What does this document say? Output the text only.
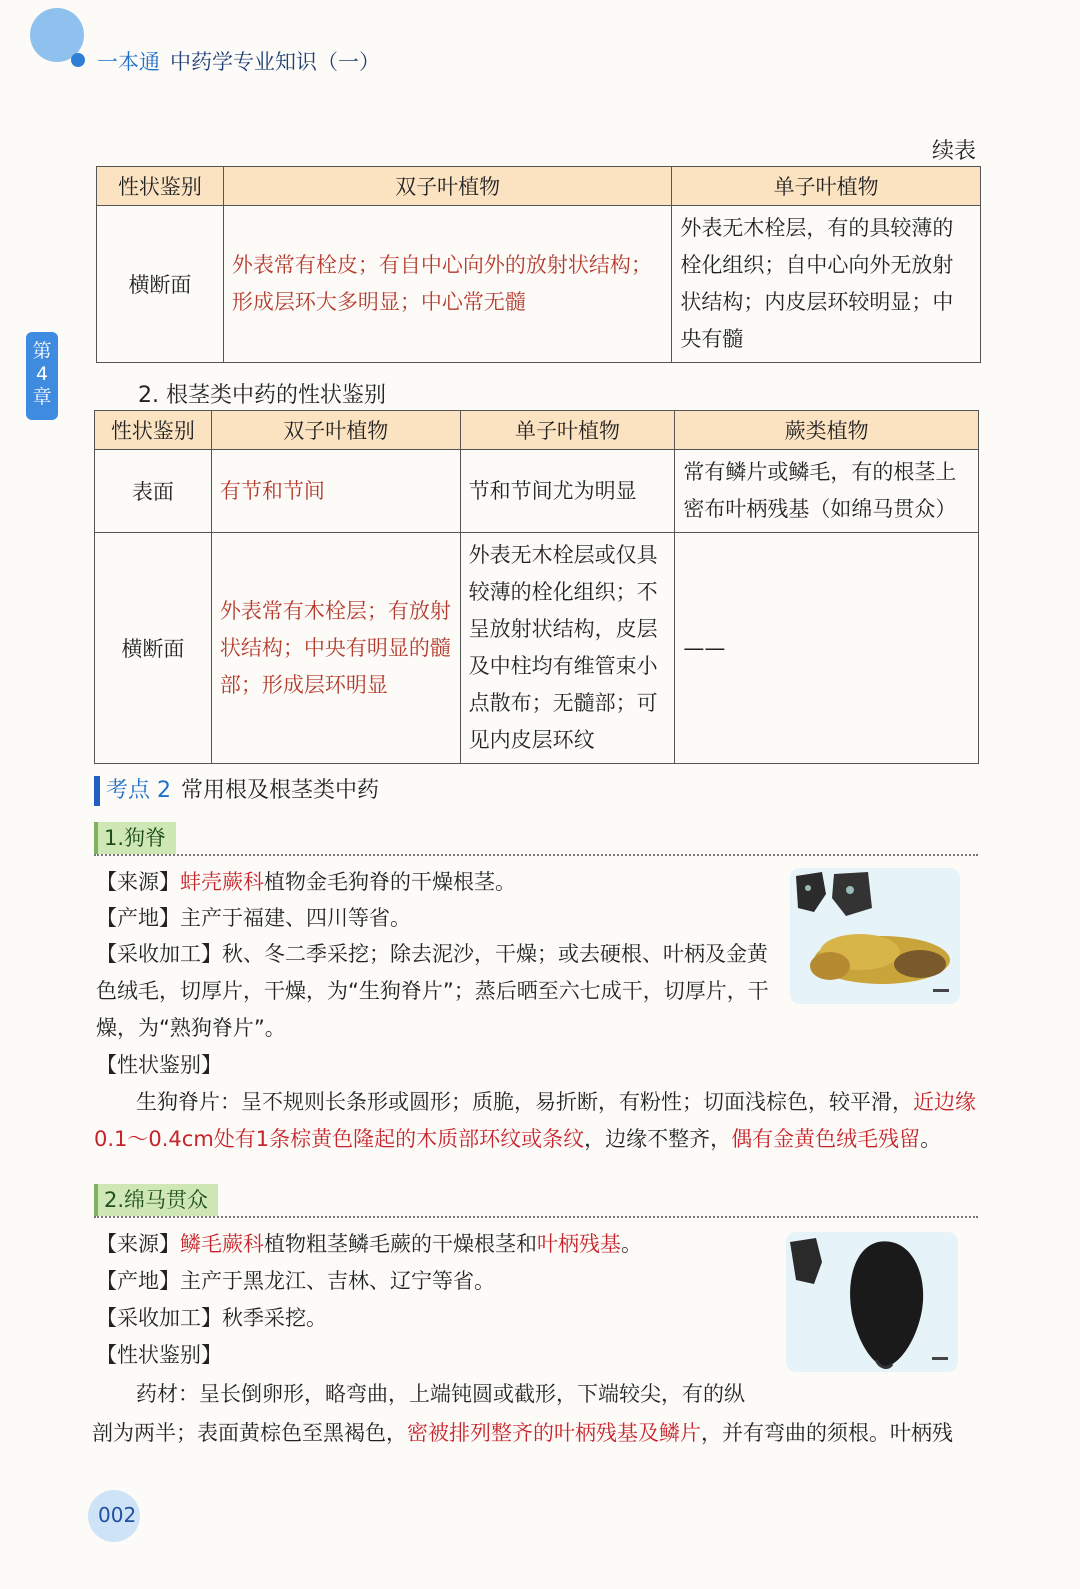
一本通 中药学专业知识（一）
第
4
章
续表
性状鉴别	双子叶植物	单子叶植物
横断面	外表常有栓皮；有自中心向外的放射状结构；形成层环大多明显；中心常无髓	外表无木栓层，有的具较薄的栓化组织；自中心向外无放射状结构；内皮层环较明显；中央有髓
2. 根茎类中药的性状鉴别
性状鉴别	双子叶植物	单子叶植物	蕨类植物
表面	有节和节间	节和节间尤为明显	常有鳞片或鳞毛，有的根茎上密布叶柄残基（如绵马贯众）
横断面	外表常有木栓层；有放射状结构；中央有明显的髓部；形成层环明显	外表无木栓层或仅具较薄的栓化组织；不呈放射状结构，皮层及中柱均有维管束小点散布；无髓部；可见内皮层环纹	——
考点 2 常用根及根茎类中药
1.狗脊
【来源】蚌壳蕨科植物金毛狗脊的干燥根茎。
【产地】主产于福建、四川等省。
【采收加工】秋、冬二季采挖；除去泥沙，干燥；或去硬根、叶柄及金黄色绒毛，切厚片，干燥，为“生狗脊片”；蒸后晒至六七成干，切厚片，干燥，为“熟狗脊片”。
【性状鉴别】
生狗脊片：呈不规则长条形或圆形；质脆，易折断，有粉性；切面浅棕色，较平滑，近边缘0.1～0.4cm处有1条棕黄色隆起的木质部环纹或条纹，边缘不整齐，偶有金黄色绒毛残留。
2.绵马贯众
【来源】鳞毛蕨科植物粗茎鳞毛蕨的干燥根茎和叶柄残基。
【产地】主产于黑龙江、吉林、辽宁等省。
【采收加工】秋季采挖。
【性状鉴别】
药材：呈长倒卵形，略弯曲，上端钝圆或截形，下端较尖，有的纵
剖为两半；表面黄棕色至黑褐色，密被排列整齐的叶柄残基及鳞片，并有弯曲的须根。叶柄残
002
